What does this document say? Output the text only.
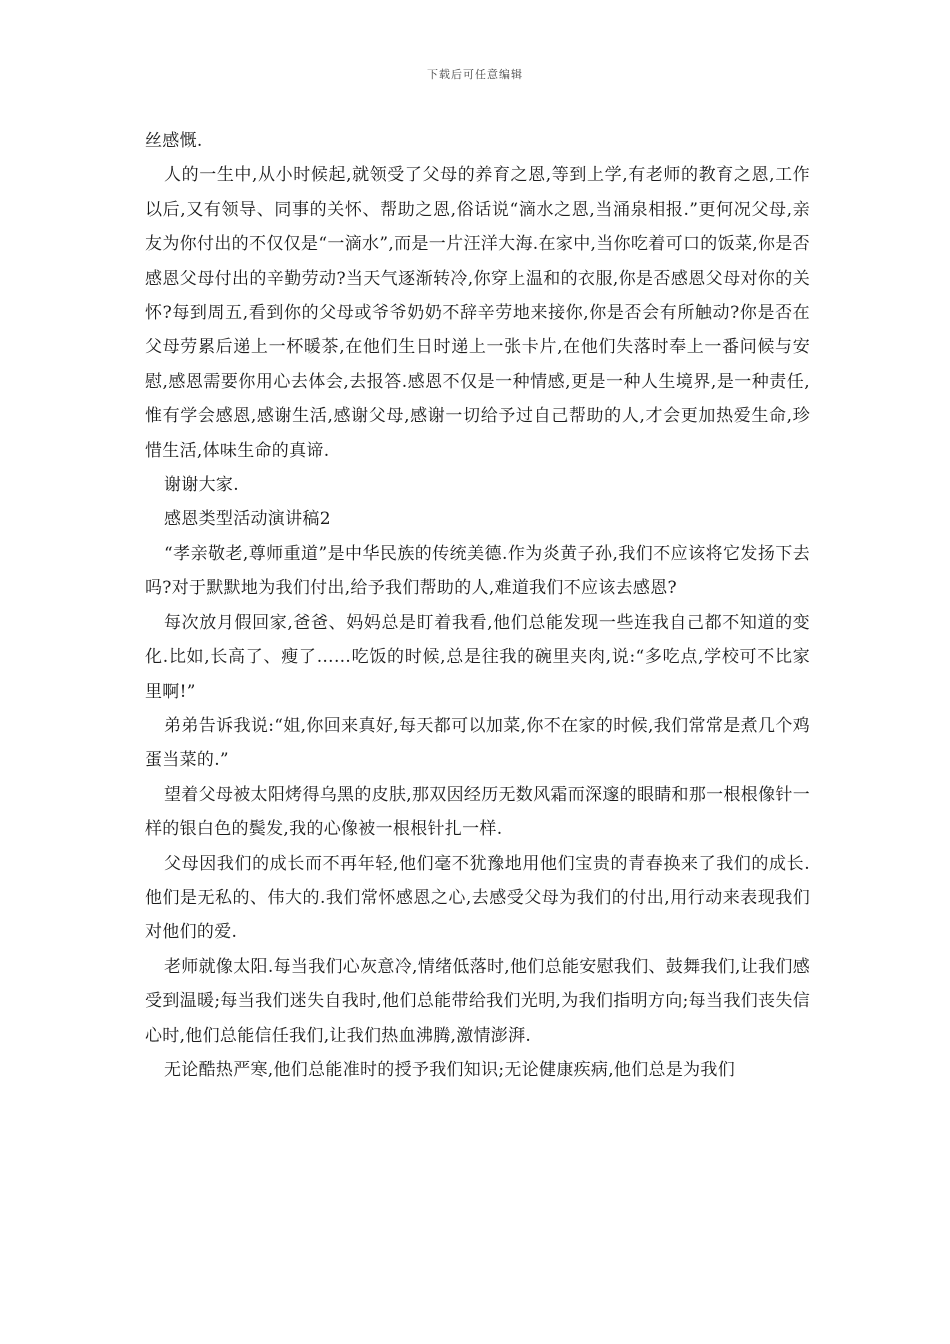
下载后可任意编辑

丝感慨.

人的一生中,从小时候起,就领受了父母的养育之恩,等到上学,有老师的教育之恩,工作以后,又有领导、同事的关怀、帮助之恩,俗话说“滴水之恩,当涌泉相报.”更何况父母,亲友为你付出的不仅仅是“一滴水”,而是一片汪洋大海.在家中,当你吃着可口的饭菜,你是否感恩父母付出的辛勤劳动?当天气逐渐转冷,你穿上温和的衣服,你是否感恩父母对你的关怀?每到周五,看到你的父母或爷爷奶奶不辞辛劳地来接你,你是否会有所触动?你是否在父母劳累后递上一杯暖茶,在他们生日时递上一张卡片,在他们失落时奉上一番问候与安慰,感恩需要你用心去体会,去报答.感恩不仅是一种情感,更是一种人生境界,是一种责任,惟有学会感恩,感谢生活,感谢父母,感谢一切给予过自己帮助的人,才会更加热爱生命,珍惜生活,体味生命的真谛.

谢谢大家.

感恩类型活动演讲稿2

“孝亲敬老,尊师重道”是中华民族的传统美德.作为炎黄子孙,我们不应该将它发扬下去吗?对于默默地为我们付出,给予我们帮助的人,难道我们不应该去感恩?

每次放月假回家,爸爸、妈妈总是盯着我看,他们总能发现一些连我自己都不知道的变化.比如,长高了、瘦了……吃饭的时候,总是往我的碗里夹肉,说:“多吃点,学校可不比家里啊!”

弟弟告诉我说:“姐,你回来真好,每天都可以加菜,你不在家的时候,我们常常是煮几个鸡蛋当菜的.”

望着父母被太阳烤得乌黑的皮肤,那双因经历无数风霜而深邃的眼睛和那一根根像针一样的银白色的鬓发,我的心像被一根根针扎一样.

父母因我们的成长而不再年轻,他们毫不犹豫地用他们宝贵的青春换来了我们的成长.他们是无私的、伟大的.我们常怀感恩之心,去感受父母为我们的付出,用行动来表现我们对他们的爱.

老师就像太阳.每当我们心灰意冷,情绪低落时,他们总能安慰我们、鼓舞我们,让我们感受到温暖;每当我们迷失自我时,他们总能带给我们光明,为我们指明方向;每当我们丧失信心时,他们总能信任我们,让我们热血沸腾,激情澎湃.

无论酷热严寒,他们总能准时的授予我们知识;无论健康疾病,他们总是为我们
